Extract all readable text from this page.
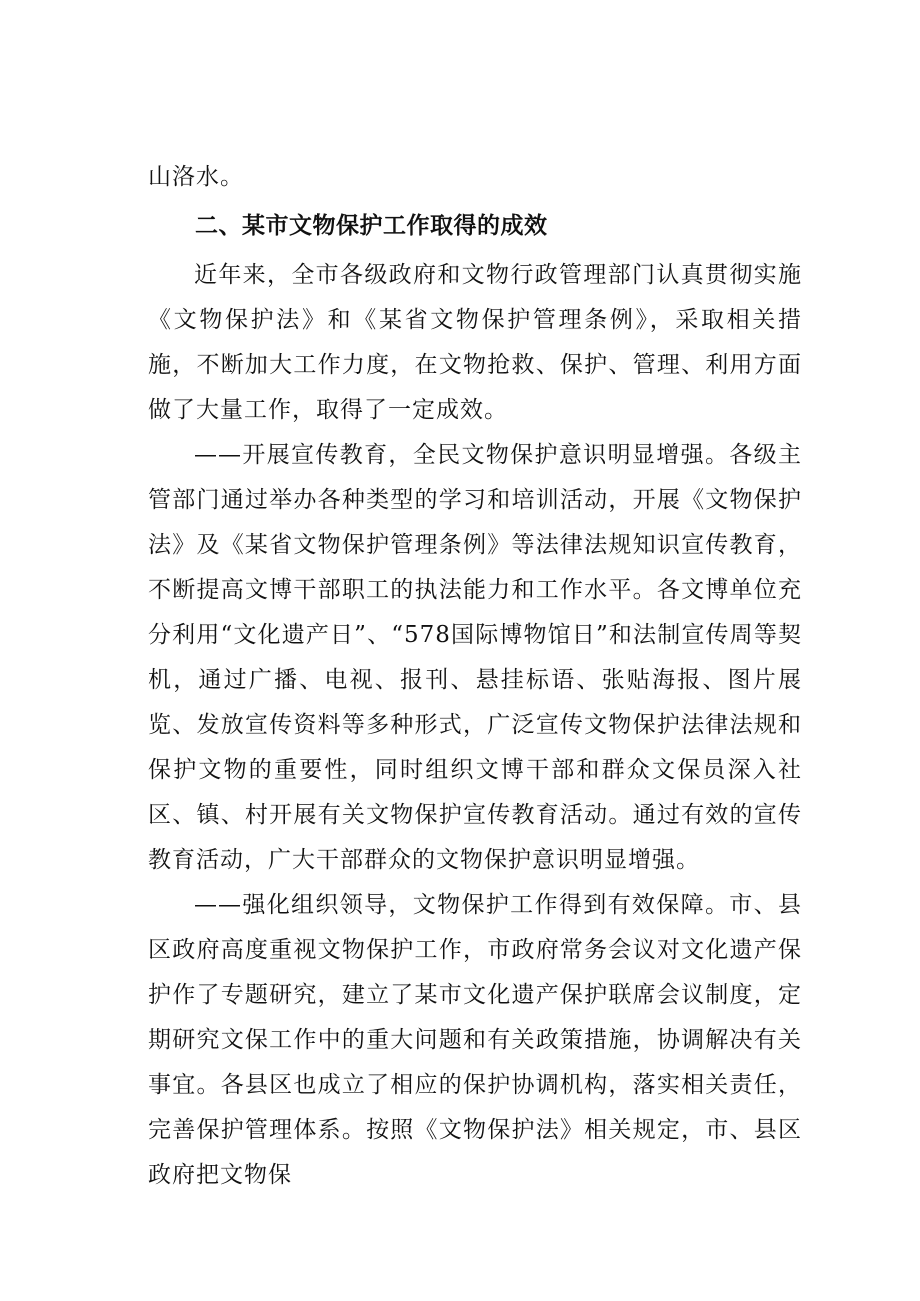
山洛水。

二、某市文物保护工作取得的成效

近年来，全市各级政府和文物行政管理部门认真贯彻实施《文物保护法》和《某省文物保护管理条例》，采取相关措施，不断加大工作力度，在文物抢救、保护、管理、利用方面做了大量工作，取得了一定成效。

——开展宣传教育，全民文物保护意识明显增强。各级主管部门通过举办各种类型的学习和培训活动，开展《文物保护法》及《某省文物保护管理条例》等法律法规知识宣传教育，不断提高文博干部职工的执法能力和工作水平。各文博单位充分利用“文化遗产日”、“578国际博物馆日”和法制宣传周等契机，通过广播、电视、报刊、悬挂标语、张贴海报、图片展览、发放宣传资料等多种形式，广泛宣传文物保护法律法规和保护文物的重要性，同时组织文博干部和群众文保员深入社区、镇、村开展有关文物保护宣传教育活动。通过有效的宣传教育活动，广大干部群众的文物保护意识明显增强。

——强化组织领导，文物保护工作得到有效保障。市、县区政府高度重视文物保护工作，市政府常务会议对文化遗产保护作了专题研究，建立了某市文化遗产保护联席会议制度，定期研究文保工作中的重大问题和有关政策措施，协调解决有关事宜。各县区也成立了相应的保护协调机构，落实相关责任，完善保护管理体系。按照《文物保护法》相关规定，市、县区政府把文物保
